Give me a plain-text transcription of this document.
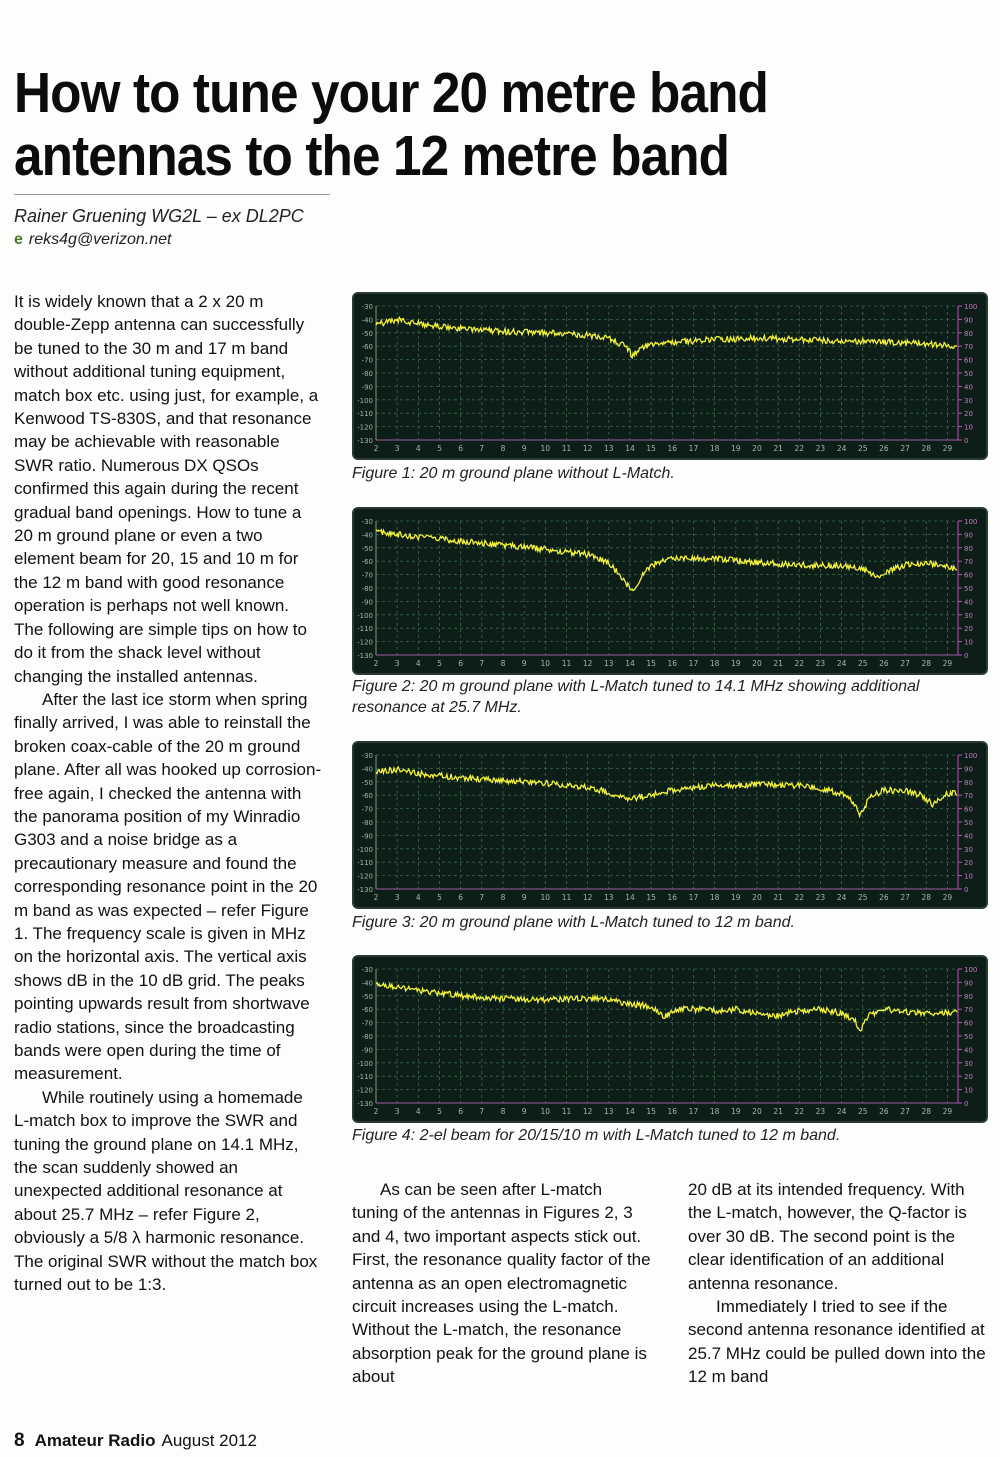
How to tune your 20 metre band
antennas to the 12 metre band
Rainer Gruening WG2L – ex DL2PC
e reks4g@verizon.net

It is widely known that a 2 x 20 m double-Zepp antenna can successfully be tuned to the 30 m and 17 m band without additional tuning equipment, match box etc. using just, for example, a Kenwood TS-830S, and that resonance may be achievable with reasonable SWR ratio. Numerous DX QSOs confirmed this again during the recent gradual band openings. How to tune a 20 m ground plane or even a two element beam for 20, 15 and 10 m for the 12 m band with good resonance operation is perhaps not well known. The following are simple tips on how to do it from the shack level without changing the installed antennas.

After the last ice storm when spring finally arrived, I was able to reinstall the broken coax-cable of the 20 m ground plane. After all was hooked up corrosion-free again, I checked the antenna with the panorama position of my Winradio G303 and a noise bridge as a precautionary measure and found the corresponding resonance point in the 20 m band as was expected – refer Figure 1. The frequency scale is given in MHz on the horizontal axis. The vertical axis shows dB in the 10 dB grid. The peaks pointing upwards result from shortwave radio stations, since the broadcasting bands were open during the time of measurement.

While routinely using a homemade L-match box to improve the SWR and tuning the ground plane on 14.1 MHz, the scan suddenly showed an unexpected additional resonance at about 25.7 MHz – refer Figure 2, obviously a 5/8 λ harmonic resonance. The original SWR without the match box turned out to be 1:3.

-30
-40
-50
-60
-70
-80
-90
-100
-110
-120
-130
100
90
80
70
60
50
40
30
20
10
0
2 3 4 5 6 7 8 9 10 11 12 13 14 15 16 17 18 19 20 21 22 23 24 25 26 27 28 29
Figure 1: 20 m ground plane without L-Match.
-30
-40
-50
-60
-70
-80
-90
-100
-110
-120
-130
100
90
80
70
60
50
40
30
20
10
0
2 3 4 5 6 7 8 9 10 11 12 13 14 15 16 17 18 19 20 21 22 23 24 25 26 27 28 29
Figure 2: 20 m ground plane with L-Match tuned to 14.1 MHz showing additional resonance at 25.7 MHz.
-30
-40
-50
-60
-70
-80
-90
-100
-110
-120
-130
100
90
80
70
60
50
40
30
20
10
0
2 3 4 5 6 7 8 9 10 11 12 13 14 15 16 17 18 19 20 21 22 23 24 25 26 27 28 29
Figure 3: 20 m ground plane with L-Match tuned to 12 m band.
-30
-40
-50
-60
-70
-80
-90
-100
-110
-120
-130
100
90
80
70
60
50
40
30
20
10
0
2 3 4 5 6 7 8 9 10 11 12 13 14 15 16 17 18 19 20 21 22 23 24 25 26 27 28 29
Figure 4: 2-el beam for 20/15/10 m with L-Match tuned to 12 m band.

As can be seen after L-match tuning of the antennas in Figures 2, 3 and 4, two important aspects stick out. First, the resonance quality factor of the antenna as an open electromagnetic circuit increases using the L-match. Without the L-match, the resonance absorption peak for the ground plane is about

20 dB at its intended frequency. With the L-match, however, the Q-factor is over 30 dB. The second point is the clear identification of an additional antenna resonance.

Immediately I tried to see if the second antenna resonance identified at 25.7 MHz could be pulled down into the 12 m band

8 Amateur Radio August 2012
